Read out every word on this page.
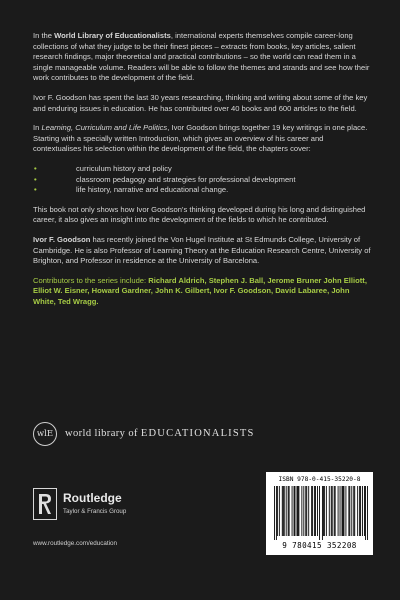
In the World Library of Educationalists, international experts themselves compile career-long collections of what they judge to be their finest pieces – extracts from books, key articles, salient research findings, major theoretical and practical contributions – so the world can read them in a single manageable volume. Readers will be able to follow the themes and strands and see how their work contributes to the development of the field.

Ivor F. Goodson has spent the last 30 years researching, thinking and writing about some of the key and enduring issues in education. He has contributed over 40 books and 600 articles to the field.

In Learning, Curriculum and Life Politics, Ivor Goodson brings together 19 key writings in one place. Starting with a specially written Introduction, which gives an overview of his career and contextualises his selection within the development of the field, the chapters cover:

•	curriculum history and policy
•	classroom pedagogy and strategies for professional development
•	life history, narrative and educational change.

This book not only shows how Ivor Goodson's thinking developed during his long and distinguished career, it also gives an insight into the development of the fields to which he contributed.

Ivor F. Goodson has recently joined the Von Hugel Institute at St Edmunds College, University of Cambridge. He is also Professor of Learning Theory at the Education Research Centre, University of Brighton, and Professor in residence at the University of Barcelona.

Contributors to the series include: Richard Aldrich, Stephen J. Ball, Jerome Bruner John Elliott, Elliot W. Eisner, Howard Gardner, John K. Gilbert, Ivor F. Goodson, David Labaree, John White, Ted Wragg.

wlE	world library of EDUCATIONALISTS
Routledge
Taylor & Francis Group
www.routledge.com/education
ISBN 978-0-415-35220-8
9 780415 352208
